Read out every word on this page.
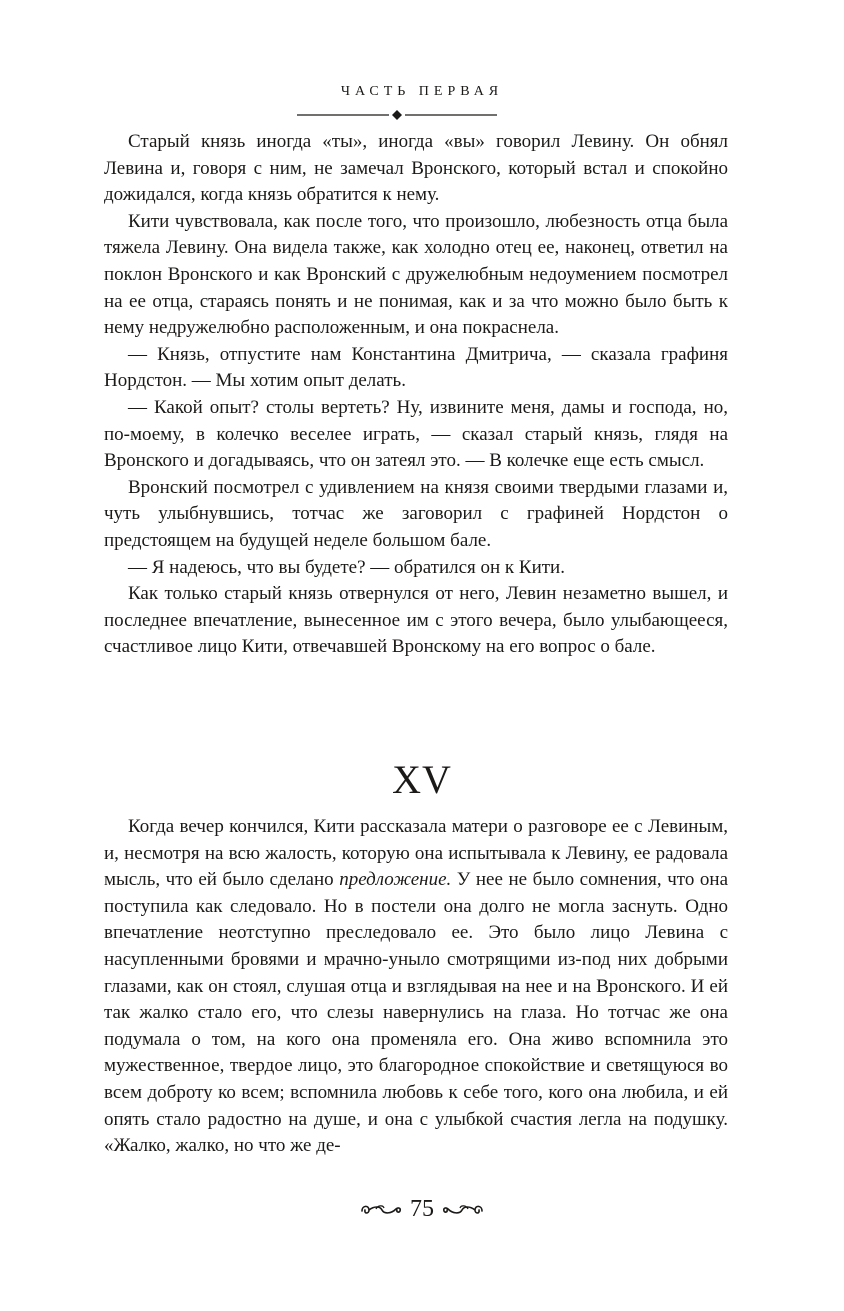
ЧАСТЬ ПЕРВАЯ

Старый князь иногда «ты», иногда «вы» говорил Левину. Он обнял Левина и, говоря с ним, не замечал Вронского, который встал и спокойно дожидался, когда князь обратится к нему.

Кити чувствовала, как после того, что произошло, любезность отца была тяжела Левину. Она видела также, как холодно отец ее, наконец, ответил на поклон Вронского и как Вронский с дружелюбным недоумением посмотрел на ее отца, стараясь понять и не понимая, как и за что можно было быть к нему недружелюбно расположенным, и она покраснела.

— Князь, отпустите нам Константина Дмитрича, — сказала графиня Нордстон. — Мы хотим опыт делать.

— Какой опыт? столы вертеть? Ну, извините меня, дамы и господа, но, по-моему, в колечко веселее играть, — сказал старый князь, глядя на Вронского и догадываясь, что он затеял это. — В колечке еще есть смысл.

Вронский посмотрел с удивлением на князя своими твердыми глазами и, чуть улыбнувшись, тотчас же заговорил с графиней Нордстон о предстоящем на будущей неделе большом бале.

— Я надеюсь, что вы будете? — обратился он к Кити.

Как только старый князь отвернулся от него, Левин незаметно вышел, и последнее впечатление, вынесенное им с этого вечера, было улыбающееся, счастливое лицо Кити, отвечавшей Вронскому на его вопрос о бале.

XV

Когда вечер кончился, Кити рассказала матери о разговоре ее с Левиным, и, несмотря на всю жалость, которую она испытывала к Левину, ее радовала мысль, что ей было сделано предложение. У нее не было сомнения, что она поступила как следовало. Но в постели она долго не могла заснуть. Одно впечатление неотступно преследовало ее. Это было лицо Левина с насупленными бровями и мрачно-уныло смотрящими из-под них добрыми глазами, как он стоял, слушая отца и взглядывая на нее и на Вронского. И ей так жалко стало его, что слезы навернулись на глаза. Но тотчас же она подумала о том, на кого она променяла его. Она живо вспомнила это мужественное, твердое лицо, это благородное спокойствие и светящуюся во всем доброту ко всем; вспомнила любовь к себе того, кого она любила, и ей опять стало радостно на душе, и она с улыбкой счастия легла на подушку. «Жалко, жалко, но что же де-

75
